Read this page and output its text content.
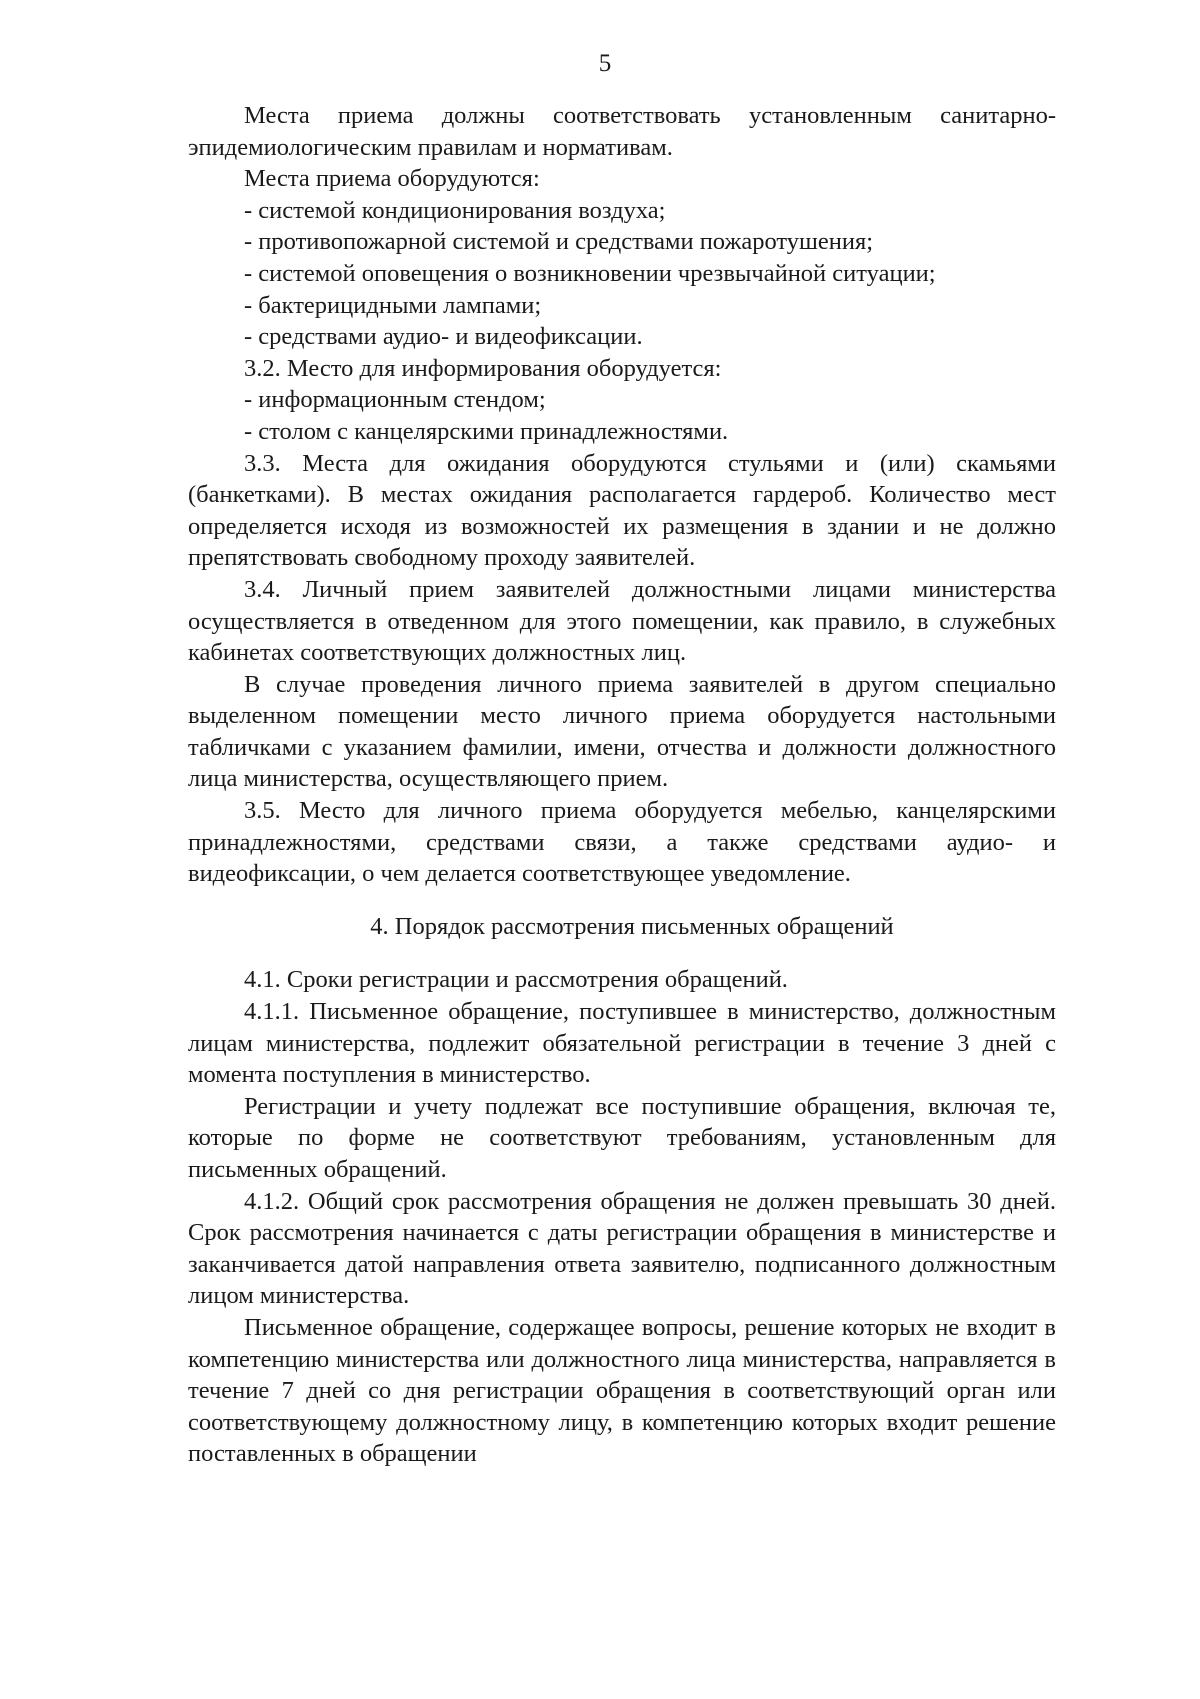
5

Места приема должны соответствовать установленным санитарно-эпидемиологическим правилам и нормативам.

Места приема оборудуются:

- системой кондиционирования воздуха;

- противопожарной системой и средствами пожаротушения;

- системой оповещения о возникновении чрезвычайной ситуации;

- бактерицидными лампами;

- средствами аудио- и видеофиксации.

3.2. Место для информирования оборудуется:

- информационным стендом;

- столом с канцелярскими принадлежностями.

3.3. Места для ожидания оборудуются стульями и (или) скамьями (банкетками). В местах ожидания располагается гардероб. Количество мест определяется исходя из возможностей их размещения в здании и не должно препятствовать свободному проходу заявителей.

3.4. Личный прием заявителей должностными лицами министерства осуществляется в отведенном для этого помещении, как правило, в служебных кабинетах соответствующих должностных лиц.

В случае проведения личного приема заявителей в другом специально выделенном помещении место личного приема оборудуется настольными табличками с указанием фамилии, имени, отчества и должности должностного лица министерства, осуществляющего прием.

3.5. Место для личного приема оборудуется мебелью, канцелярскими принадлежностями, средствами связи, а также средствами аудио- и видеофиксации, о чем делается соответствующее уведомление.

4. Порядок рассмотрения письменных обращений

4.1. Сроки регистрации и рассмотрения обращений.

4.1.1. Письменное обращение, поступившее в министерство, должностным лицам министерства, подлежит обязательной регистрации в течение 3 дней с момента поступления в министерство.

Регистрации и учету подлежат все поступившие обращения, включая те, которые по форме не соответствуют требованиям, установленным для письменных обращений.

4.1.2. Общий срок рассмотрения обращения не должен превышать 30 дней. Срок рассмотрения начинается с даты регистрации обращения в министерстве и заканчивается датой направления ответа заявителю, подписанного должностным лицом министерства.

Письменное обращение, содержащее вопросы, решение которых не входит в компетенцию министерства или должностного лица министерства, направляется в течение 7 дней со дня регистрации обращения в соответствующий орган или соответствующему должностному лицу, в компетенцию которых входит решение поставленных в обращении
